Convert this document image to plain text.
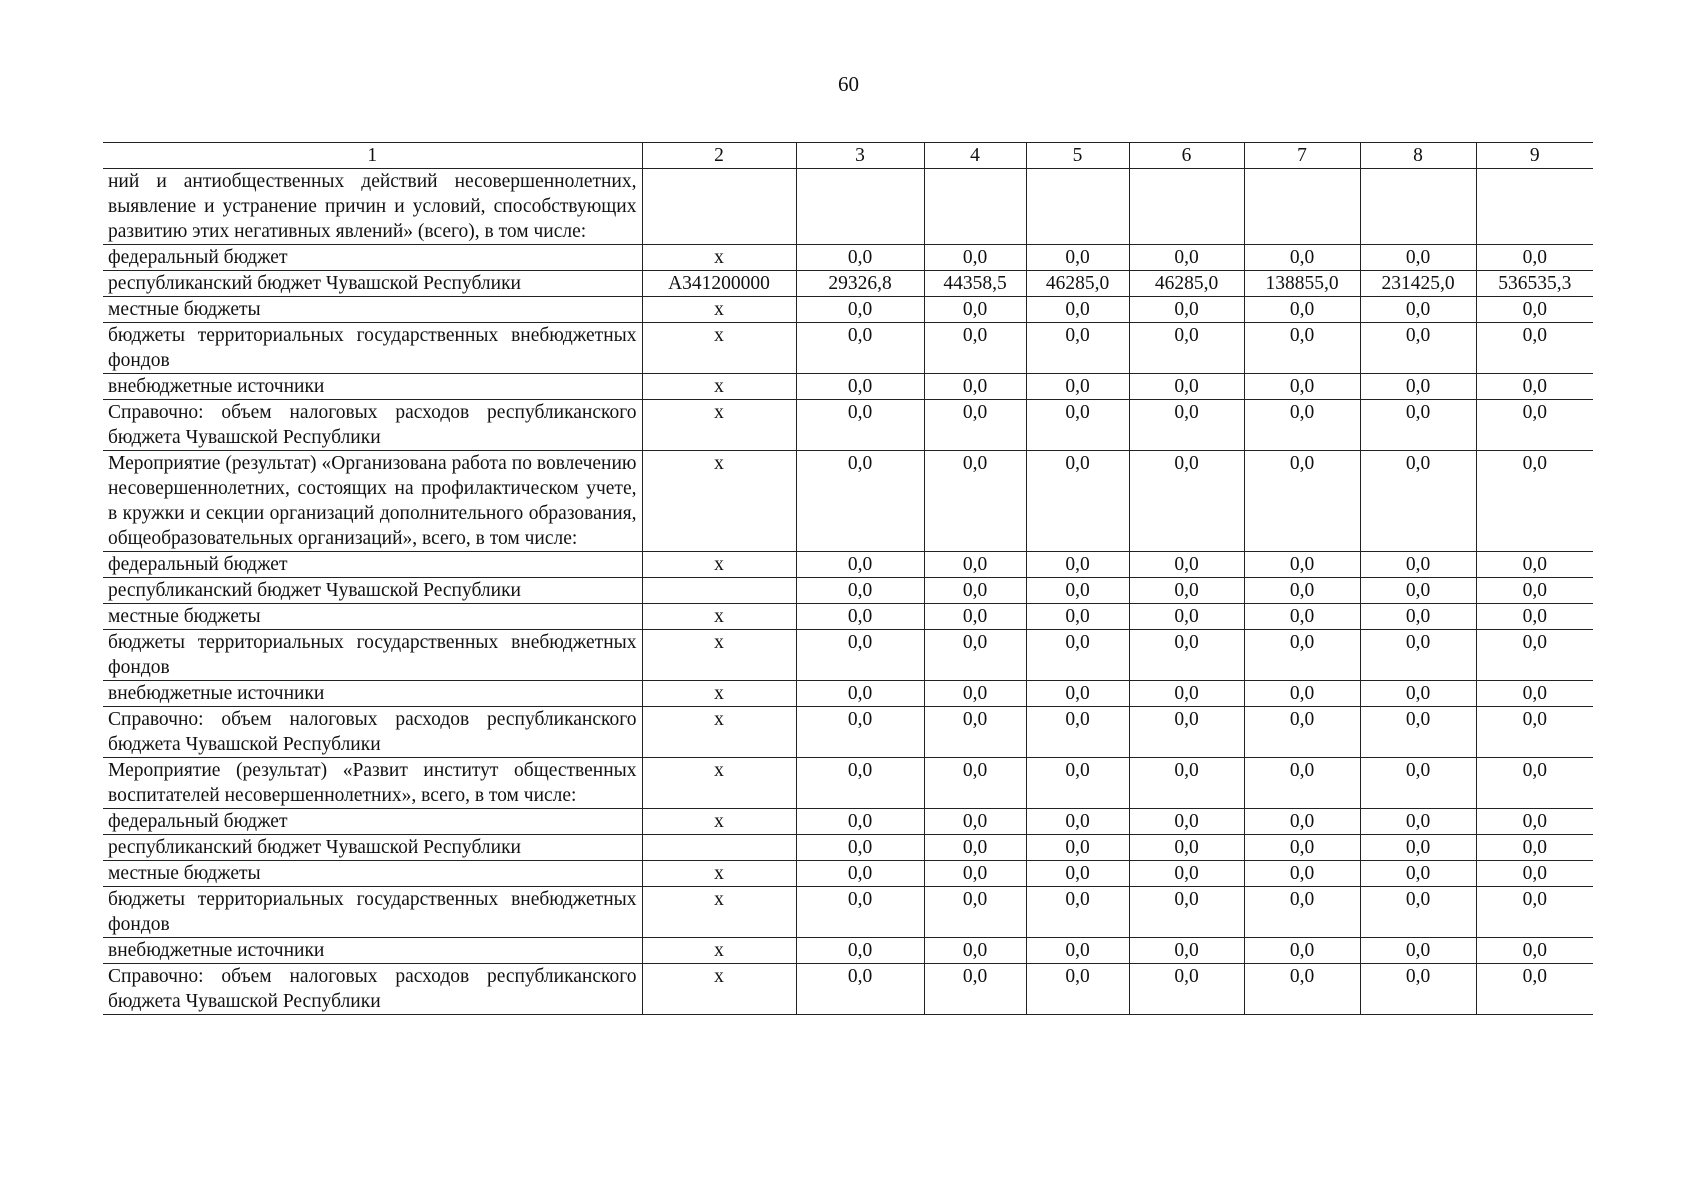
60
1	2	3	4	5	6	7	8	9
ний и антиобщественных действий несовершеннолетних, выявление и устранение причин и условий, способствующих развитию этих негативных явлений» (всего), в том числе:								
федеральный бюджет	х	0,0	0,0	0,0	0,0	0,0	0,0	0,0
республиканский бюджет Чувашской Республики	А341200000	29326,8	44358,5	46285,0	46285,0	138855,0	231425,0	536535,3
местные бюджеты	х	0,0	0,0	0,0	0,0	0,0	0,0	0,0
бюджеты территориальных государственных внебюджетных фондов	х	0,0	0,0	0,0	0,0	0,0	0,0	0,0
внебюджетные источники	х	0,0	0,0	0,0	0,0	0,0	0,0	0,0
Справочно: объем налоговых расходов республиканского бюджета Чувашской Республики	х	0,0	0,0	0,0	0,0	0,0	0,0	0,0
Мероприятие (результат) «Организована работа по вовлечению несовершеннолетних, состоящих на профилактическом учете, в кружки и секции организаций дополнительного образования, общеобразовательных организаций», всего, в том числе:	х	0,0	0,0	0,0	0,0	0,0	0,0	0,0
федеральный бюджет	х	0,0	0,0	0,0	0,0	0,0	0,0	0,0
республиканский бюджет Чувашской Республики		0,0	0,0	0,0	0,0	0,0	0,0	0,0
местные бюджеты	х	0,0	0,0	0,0	0,0	0,0	0,0	0,0
бюджеты территориальных государственных внебюджетных фондов	х	0,0	0,0	0,0	0,0	0,0	0,0	0,0
внебюджетные источники	х	0,0	0,0	0,0	0,0	0,0	0,0	0,0
Справочно: объем налоговых расходов республиканского бюджета Чувашской Республики	х	0,0	0,0	0,0	0,0	0,0	0,0	0,0
Мероприятие (результат) «Развит институт общественных воспитателей несовершеннолетних», всего, в том числе:	х	0,0	0,0	0,0	0,0	0,0	0,0	0,0
федеральный бюджет	х	0,0	0,0	0,0	0,0	0,0	0,0	0,0
республиканский бюджет Чувашской Республики		0,0	0,0	0,0	0,0	0,0	0,0	0,0
местные бюджеты	х	0,0	0,0	0,0	0,0	0,0	0,0	0,0
бюджеты территориальных государственных внебюджетных фондов	х	0,0	0,0	0,0	0,0	0,0	0,0	0,0
внебюджетные источники	х	0,0	0,0	0,0	0,0	0,0	0,0	0,0
Справочно: объем налоговых расходов республиканского бюджета Чувашской Республики	х	0,0	0,0	0,0	0,0	0,0	0,0	0,0
